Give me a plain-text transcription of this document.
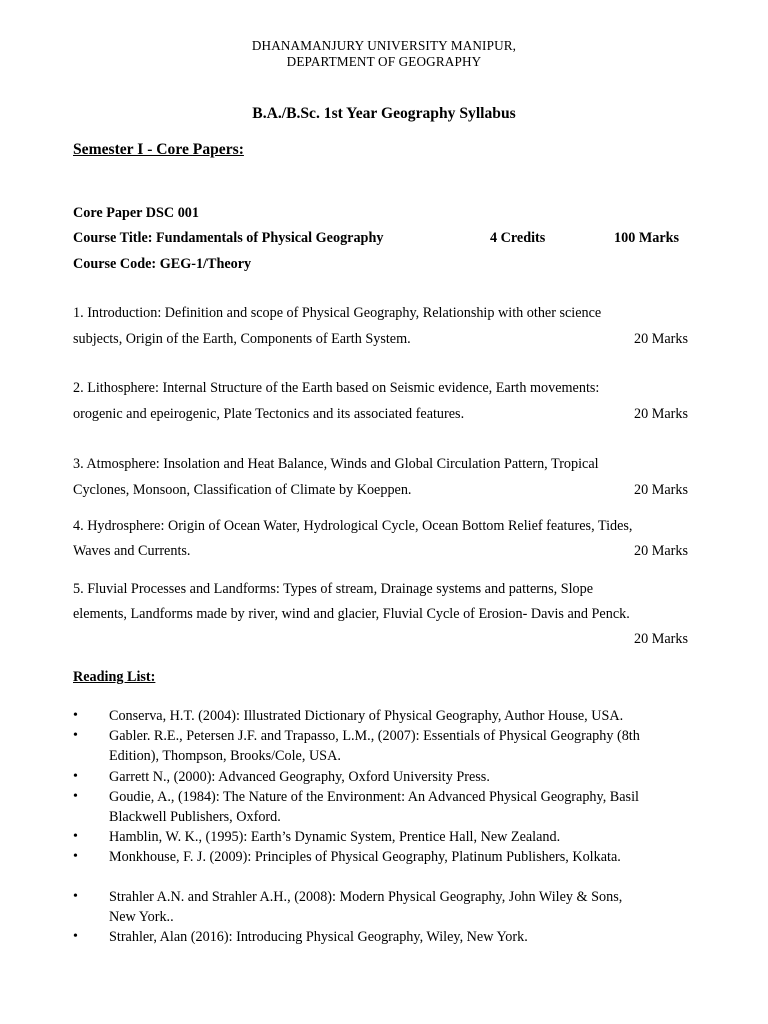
DHANAMANJURY UNIVERSITY MANIPUR,
DEPARTMENT OF GEOGRAPHY
B.A./B.Sc. 1st Year Geography Syllabus
Semester I - Core Papers:
Core Paper DSC 001
Course Title: Fundamentals of Physical Geography	4 Credits	100 Marks
Course Code: GEG-1/Theory
1. Introduction: Definition and scope of Physical Geography, Relationship with other science
subjects, Origin of the Earth, Components of Earth System.	20 Marks
2. Lithosphere: Internal Structure of the Earth based on Seismic evidence, Earth movements:
orogenic and epeirogenic, Plate Tectonics and its associated features.	20 Marks
3. Atmosphere: Insolation and Heat Balance, Winds and Global Circulation Pattern, Tropical
Cyclones, Monsoon, Classification of Climate by Koeppen.	20 Marks
4. Hydrosphere: Origin of Ocean Water, Hydrological Cycle, Ocean Bottom Relief features, Tides,
Waves and Currents.	20 Marks
5. Fluvial Processes and Landforms: Types of stream, Drainage systems and patterns, Slope
elements, Landforms made by river, wind and glacier, Fluvial Cycle of Erosion- Davis and Penck.
20 Marks
Reading List:
• Conserva, H.T. (2004): Illustrated Dictionary of Physical Geography, Author House, USA.
• Gabler. R.E., Petersen J.F. and Trapasso, L.M., (2007): Essentials of Physical Geography (8th
Edition), Thompson, Brooks/Cole, USA.
• Garrett N., (2000): Advanced Geography, Oxford University Press.
• Goudie, A., (1984): The Nature of the Environment: An Advanced Physical Geography, Basil
Blackwell Publishers, Oxford.
• Hamblin, W. K., (1995): Earth’s Dynamic System, Prentice Hall, New Zealand.
• Monkhouse, F. J. (2009): Principles of Physical Geography, Platinum Publishers, Kolkata.
• Strahler A.N. and Strahler A.H., (2008): Modern Physical Geography, John Wiley & Sons,
New York..
• Strahler, Alan (2016): Introducing Physical Geography, Wiley, New York.
